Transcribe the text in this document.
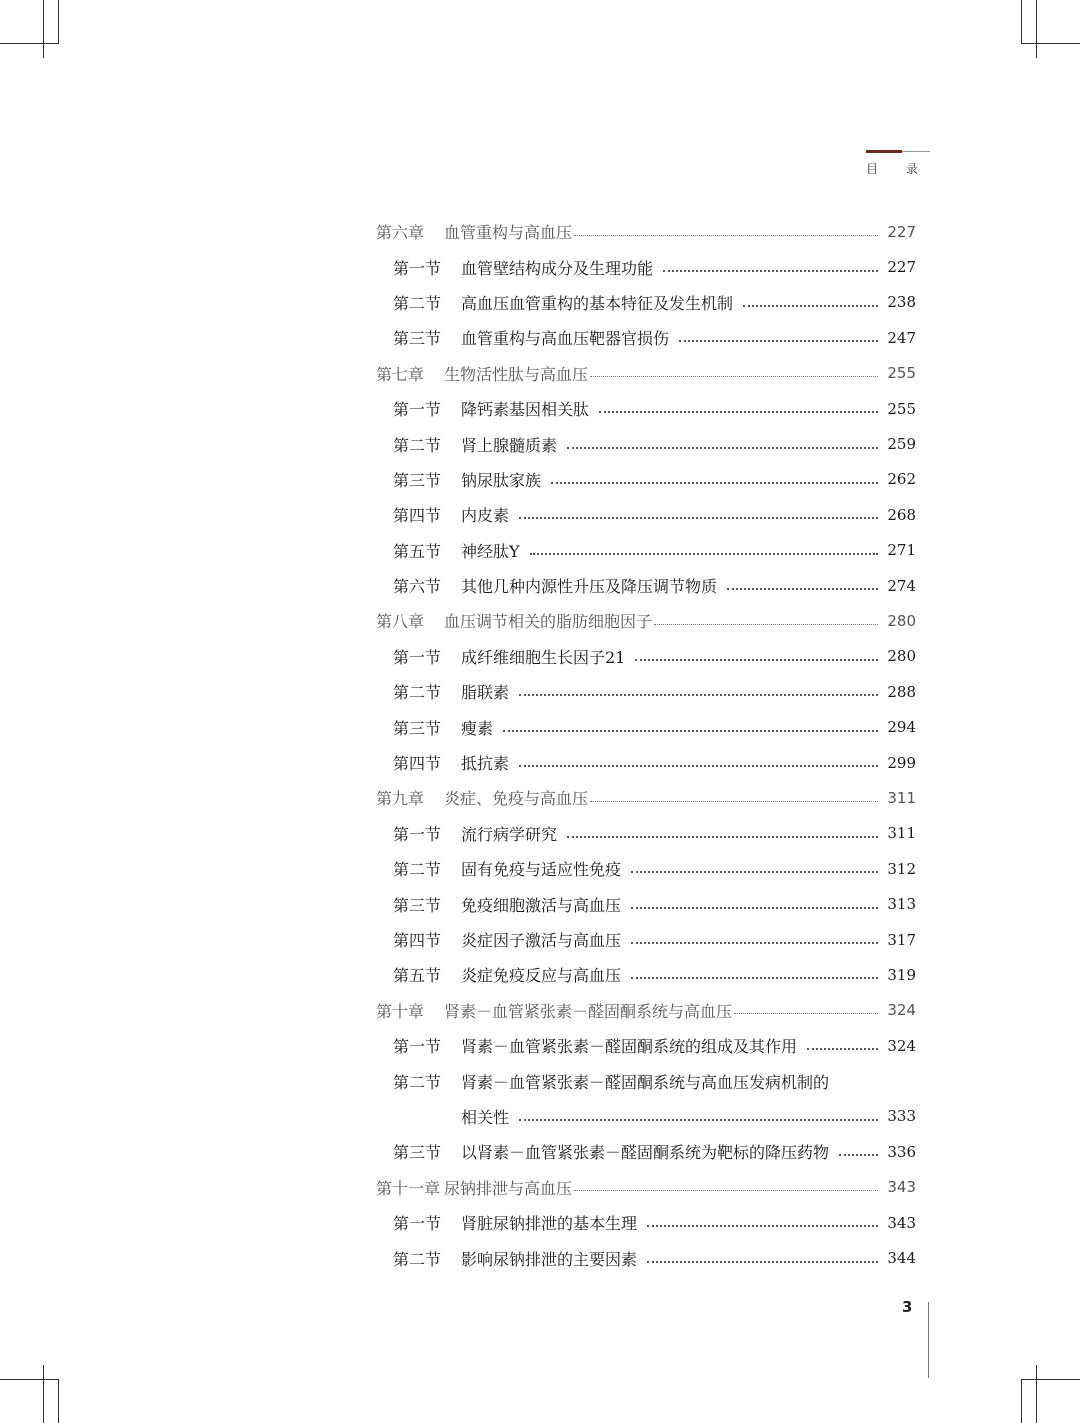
目 录
第六章	血管重构与高血压	227
第一节	血管壁结构成分及生理功能	227
第二节	高血压血管重构的基本特征及发生机制	238
第三节	血管重构与高血压靶器官损伤	247
第七章	生物活性肽与高血压	255
第一节	降钙素基因相关肽	255
第二节	肾上腺髓质素	259
第三节	钠尿肽家族	262
第四节	内皮素	268
第五节	神经肽Y	271
第六节	其他几种内源性升压及降压调节物质	274
第八章	血压调节相关的脂肪细胞因子	280
第一节	成纤维细胞生长因子21	280
第二节	脂联素	288
第三节	瘦素	294
第四节	抵抗素	299
第九章	炎症、免疫与高血压	311
第一节	流行病学研究	311
第二节	固有免疫与适应性免疫	312
第三节	免疫细胞激活与高血压	313
第四节	炎症因子激活与高血压	317
第五节	炎症免疫反应与高血压	319
第十章	肾素－血管紧张素－醛固酮系统与高血压	324
第一节	肾素－血管紧张素－醛固酮系统的组成及其作用	324
第二节	肾素－血管紧张素－醛固酮系统与高血压发病机制的
相关性	333
第三节	以肾素－血管紧张素－醛固酮系统为靶标的降压药物	336
第十一章 尿钠排泄与高血压	343
第一节	肾脏尿钠排泄的基本生理	343
第二节	影响尿钠排泄的主要因素	344
3
